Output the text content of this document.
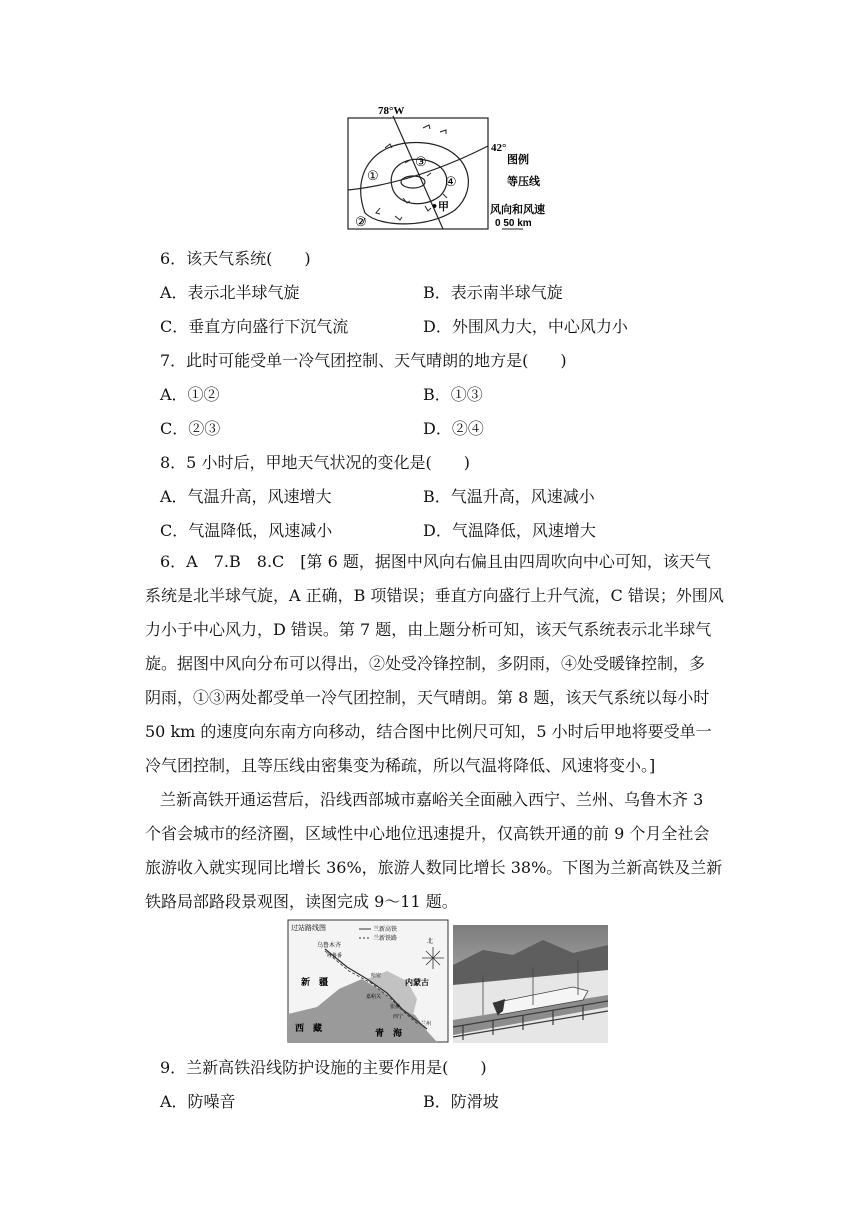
78°W
42°
①
②
③
④
•甲
图例
等压线
风向和风速
0 50 km
6．该天气系统(　　)
A．表示北半球气旋	B．表示南半球气旋
C．垂直方向盛行下沉气流	D．外围风力大，中心风力小
7．此时可能受单一冷气团控制、天气晴朗的地方是(　　)
A．①②	B．①③
C．②③	D．②④
8．5 小时后，甲地天气状况的变化是(　　)
A．气温升高，风速增大	B．气温升高，风速减小
C．气温降低，风速减小	D．气温降低，风速增大
6．A　7.B　8.C　[第 6 题，据图中风向右偏且由四周吹向中心可知，该天气
系统是北半球气旋，A 正确，B 项错误；垂直方向盛行上升气流，C 错误；外围风
力小于中心风力，D 错误。第 7 题，由上题分析可知，该天气系统表示北半球气
旋。据图中风向分布可以得出，②处受冷锋控制，多阴雨，④处受暖锋控制，多
阴雨，①③两处都受单一冷气团控制，天气晴朗。第 8 题，该天气系统以每小时
50 km 的速度向东南方向移动，结合图中比例尺可知，5 小时后甲地将要受单一
冷气团控制，且等压线由密集变为稀疏，所以气温将降低、风速将变小。]
兰新高铁开通运营后，沿线西部城市嘉峪关全面融入西宁、兰州、乌鲁木齐 3
个省会城市的经济圈，区域性中心地位迅速提升，仅高铁开通的前 9 个月全社会
旅游收入就实现同比增长 36%，旅游人数同比增长 38%。下图为兰新高铁及兰新
铁路局部路段景观图，读图完成 9～11 题。
过站路线图	兰新高铁
兰新铁路	北
新　疆
西　藏	青　海
内蒙古
乌鲁木齐
吐鲁番
哈密
嘉峪关
张掖
西宁
兰州
9．兰新高铁沿线防护设施的主要作用是(　　)
A．防噪音	B．防滑坡
